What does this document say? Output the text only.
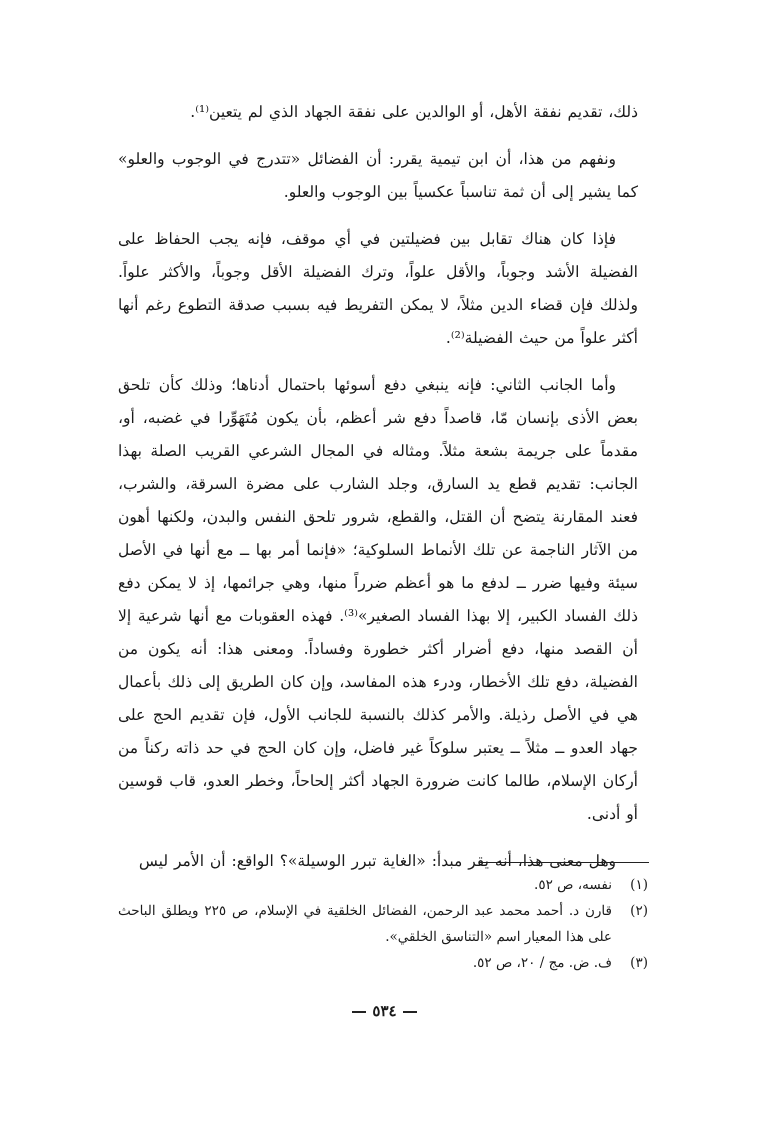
ذلك، تقديم نفقة الأهل، أو الوالدين على نفقة الجهاد الذي لم يتعين⁽¹⁾.

ونفهم من هذا، أن ابن تيمية يقرر: أن الفضائل «تتدرج في الوجوب والعلو» كما يشير إلى أن ثمة تناسباً عكسياً بين الوجوب والعلو.

فإذا كان هناك تقابل بين فضيلتين في أي موقف، فإنه يجب الحفاظ على الفضيلة الأشد وجوباً، والأقل علواً، وترك الفضيلة الأقل وجوباً، والأكثر علواً. ولذلك فإن قضاء الدين مثلاً، لا يمكن التفريط فيه بسبب صدقة التطوع رغم أنها أكثر علواً من حيث الفضيلة⁽²⁾.

وأما الجانب الثاني: فإنه ينبغي دفع أسوئها باحتمال أدناها؛ وذلك كأن تلحق بعض الأذى بإنسان مّا، قاصداً دفع شر أعظم، بأن يكون مُتَهَوِّرا في غضبه، أو، مقدماً على جريمة بشعة مثلاً. ومثاله في المجال الشرعي القريب الصلة بهذا الجانب: تقديم قطع يد السارق، وجلد الشارب على مضرة السرقة، والشرب، فعند المقارنة يتضح أن القتل، والقطع، شرور تلحق النفس والبدن، ولكنها أهون من الآثار الناجمة عن تلك الأنماط السلوكية؛ «فإنما أمر بها ــ مع أنها في الأصل سيئة وفيها ضرر ــ لدفع ما هو أعظم ضرراً منها، وهي جرائمها، إذ لا يمكن دفع ذلك الفساد الكبير، إلا بهذا الفساد الصغير»⁽³⁾. فهذه العقوبات مع أنها شرعية إلا أن القصد منها، دفع أضرار أكثر خطورة وفساداً. ومعنى هذا: أنه يكون من الفضيلة، دفع تلك الأخطار، ودرء هذه المفاسد، وإن كان الطريق إلى ذلك بأعمال هي في الأصل رذيلة. والأمر كذلك بالنسبة للجانب الأول، فإن تقديم الحج على جهاد العدو ــ مثلاً ــ يعتبر سلوكاً غير فاضل، وإن كان الحج في حد ذاته ركناً من أركان الإسلام، طالما كانت ضرورة الجهاد أكثر إلحاحاً، وخطر العدو، قاب قوسين أو أدنى.

وهل معنى هذا، أنه يقر مبدأ: «الغاية تبرر الوسيلة»؟ الواقع: أن الأمر ليس

(١)
نفسه، ص ٥٢.
(٢)
قارن د. أحمد محمد عبد الرحمن، الفضائل الخلقية في الإسلام، ص ٢٢٥ ويطلق الباحث على هذا المعيار اسم «التناسق الخلقي».
(٣)
ف. ض. مج / ٢٠، ص ٥٢.
٥٣٤
